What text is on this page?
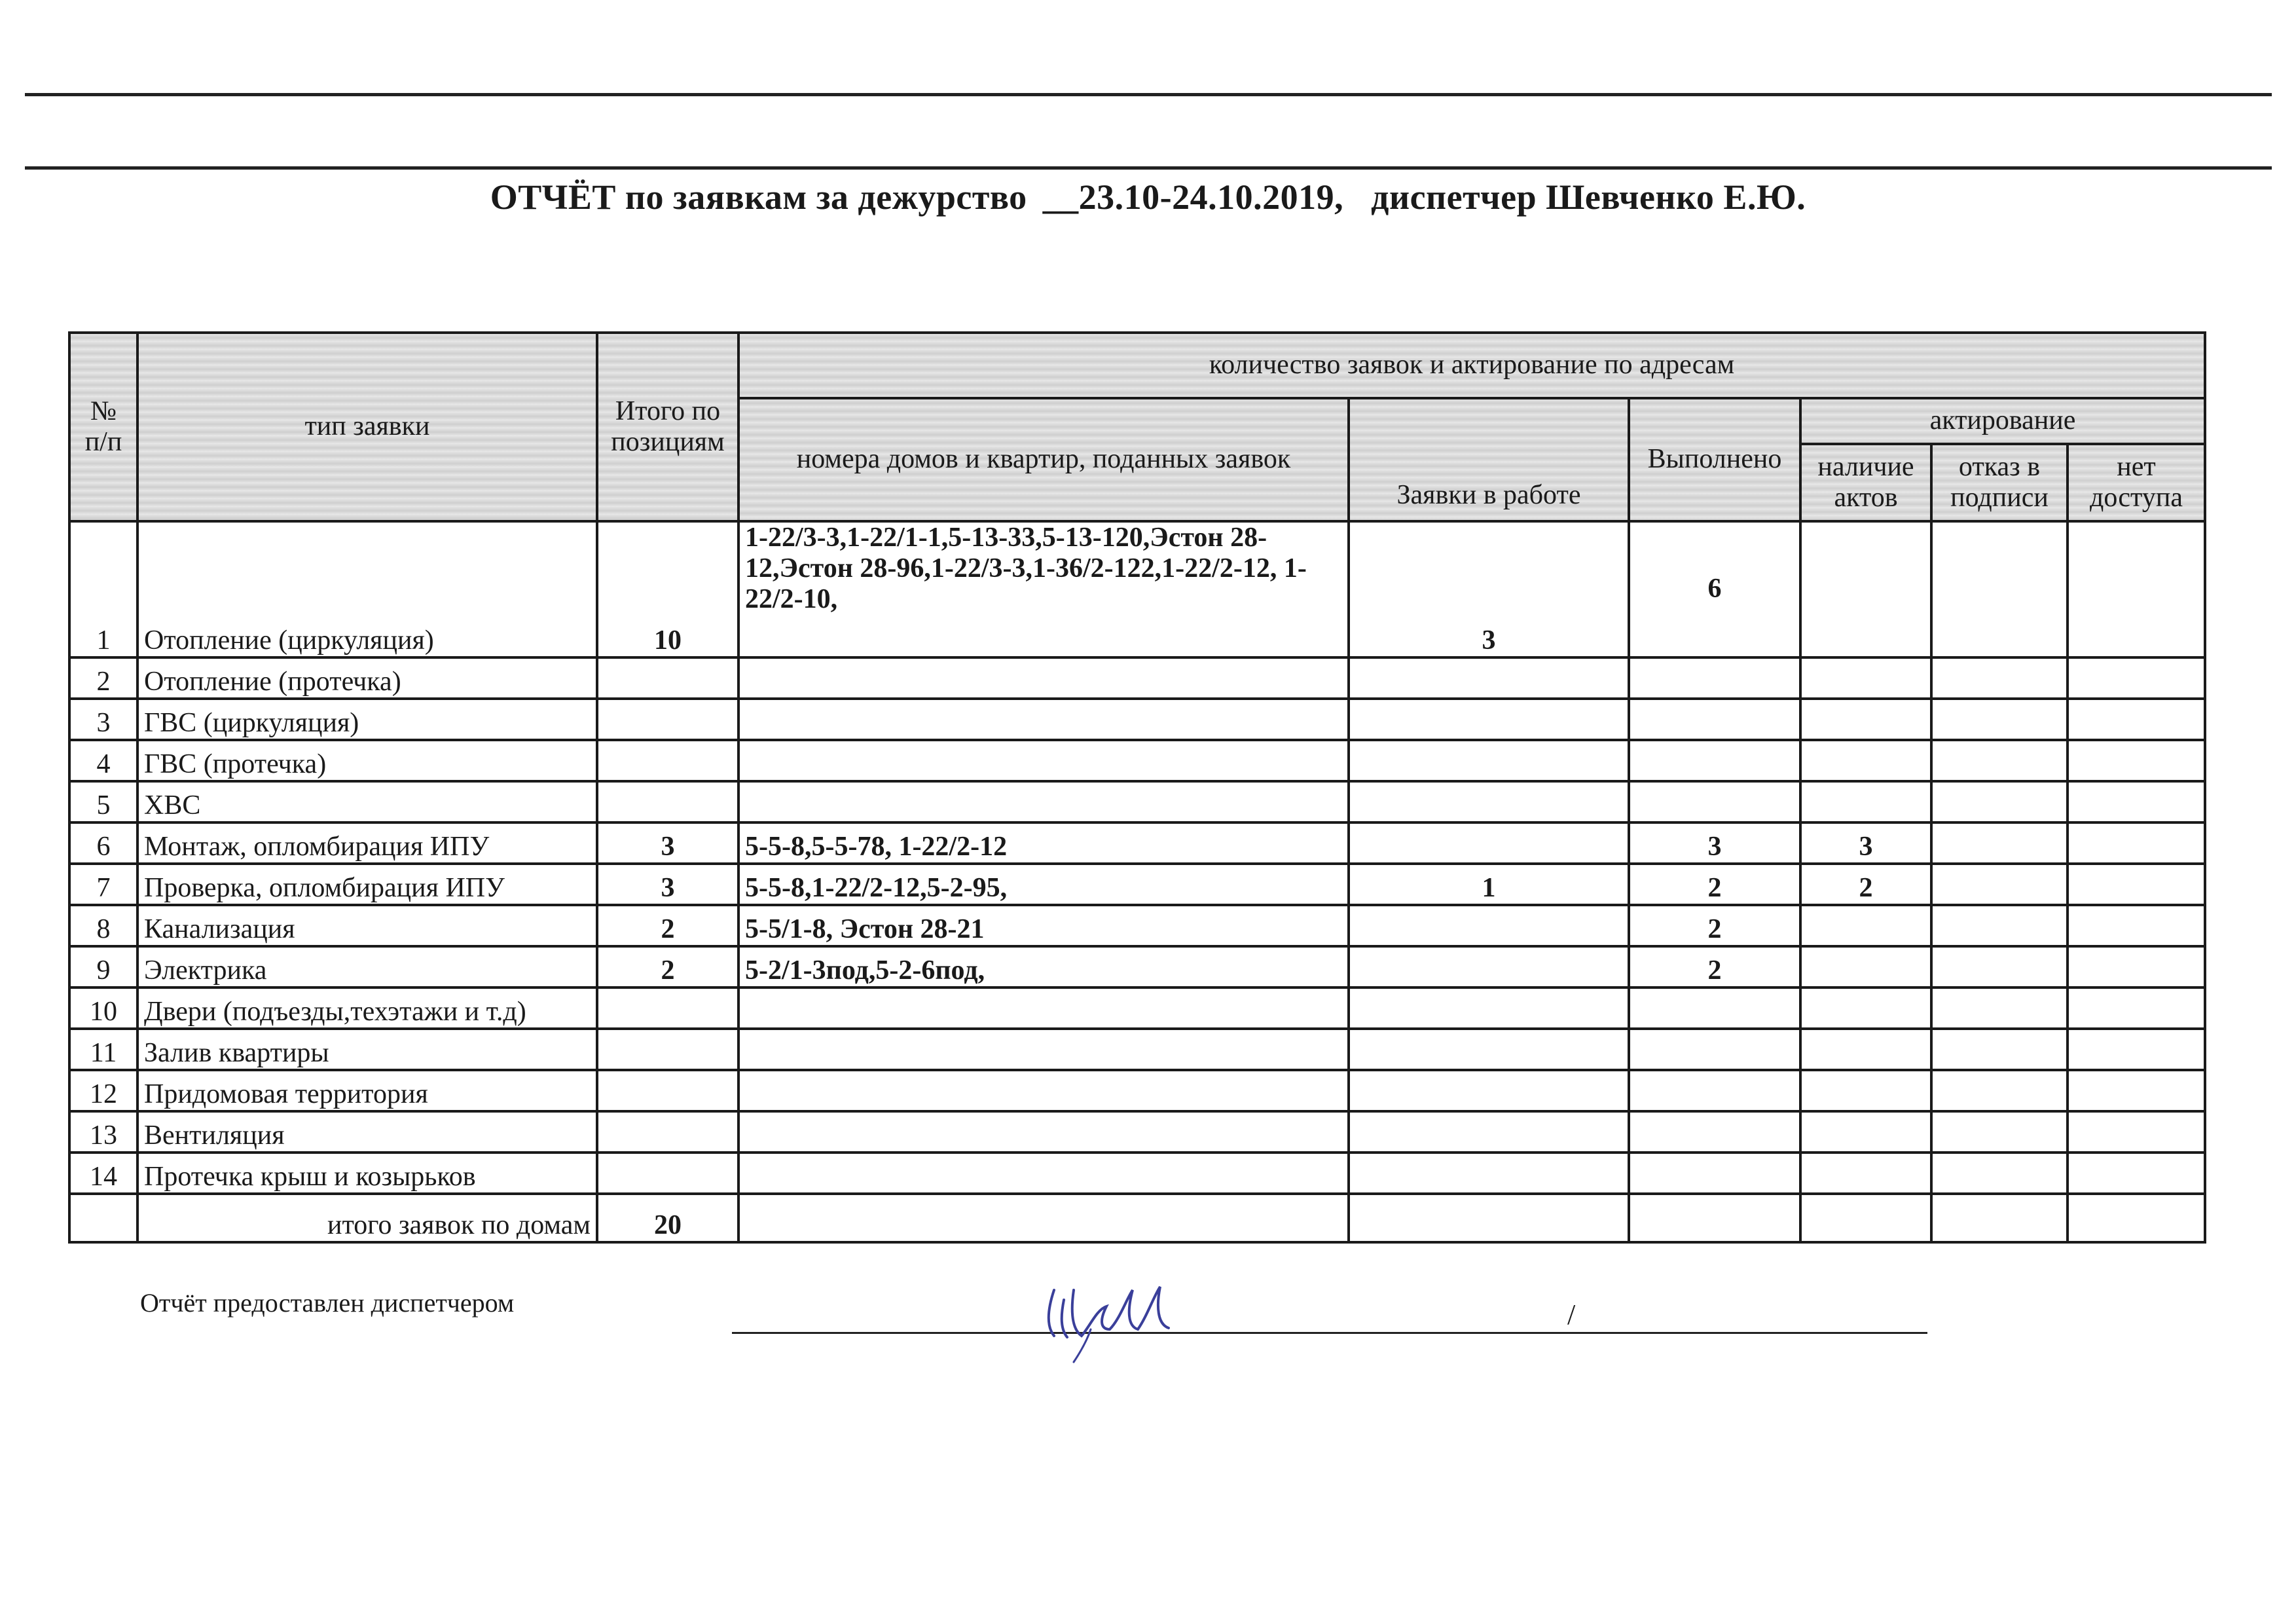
ОТЧЁТ по заявкам за дежурство __23.10-24.10.2019, диспетчер Шевченко Е.Ю.
№ п/п	тип заявки	Итого по позициям	количество заявок и актирование по адресам					
			номера домов и квартир, поданных заявок	Заявки в работе	Выполнено	актирование		
						наличие актов	отказ в подписи	нет доступа
1	Отопление (циркуляция)	10	1-22/3-3,1-22/1-1,5-13-33,5-13-120,Эстон 28-12,Эстон 28-96,1-22/3-3,1-36/2-122,1-22/2-12, 1-22/2-10,	3	6			
2	Отопление (протечка)							
3	ГВС (циркуляция)							
4	ГВС (протечка)							
5	ХВС							
6	Монтаж, опломбирация ИПУ	3	5-5-8,5-5-78, 1-22/2-12		3	3		
7	Проверка, опломбирация ИПУ	3	5-5-8,1-22/2-12,5-2-95,	1	2	2		
8	Канализация	2	5-5/1-8, Эстон 28-21		2			
9	Электрика	2	5-2/1-3под,5-2-6под,		2			
10	Двери (подъезды,техэтажи и т.д)							
11	Залив квартиры							
12	Придомовая территория							
13	Вентиляция							
14	Протечка крыш и козырьков							
	итого заявок по домам	20						
Отчёт предоставлен диспетчером	/
